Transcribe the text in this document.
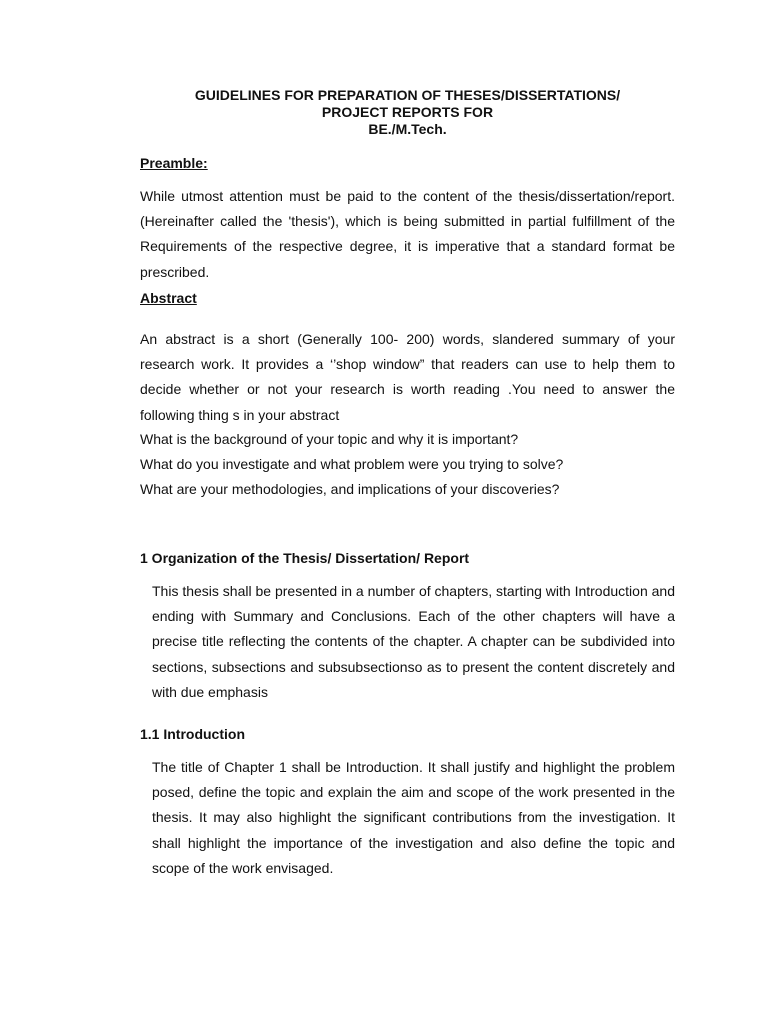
GUIDELINES FOR PREPARATION OF THESES/DISSERTATIONS/
PROJECT REPORTS FOR
BE./M.Tech.
Preamble:

While utmost attention must be paid to the content of the thesis/dissertation/report. (Hereinafter called the 'thesis'), which is being submitted in partial fulfillment of the Requirements of the respective degree, it is imperative that a standard format be prescribed.

Abstract

An abstract is a short (Generally 100- 200) words, slandered summary of your research work. It provides a ‘’shop window” that readers can use to help them to decide whether or not your research is worth reading .You need to answer the following thing s in your abstract

What is the background of your topic and why it is important?
What do you investigate and what problem were you trying to solve?
What are your methodologies, and implications of your discoveries?
1 Organization of the Thesis/ Dissertation/ Report

This thesis shall be presented in a number of chapters, starting with Introduction and ending with Summary and Conclusions. Each of the other chapters will have a precise title reflecting the contents of the chapter. A chapter can be subdivided into sections, subsections and subsubsectionso as to present the content discretely and with due emphasis

1.1 Introduction

The title of Chapter 1 shall be Introduction. It shall justify and highlight the problem posed, define the topic and explain the aim and scope of the work presented in the thesis. It may also highlight the significant contributions from the investigation. It shall highlight the importance of the investigation and also define the topic and scope of the work envisaged.
